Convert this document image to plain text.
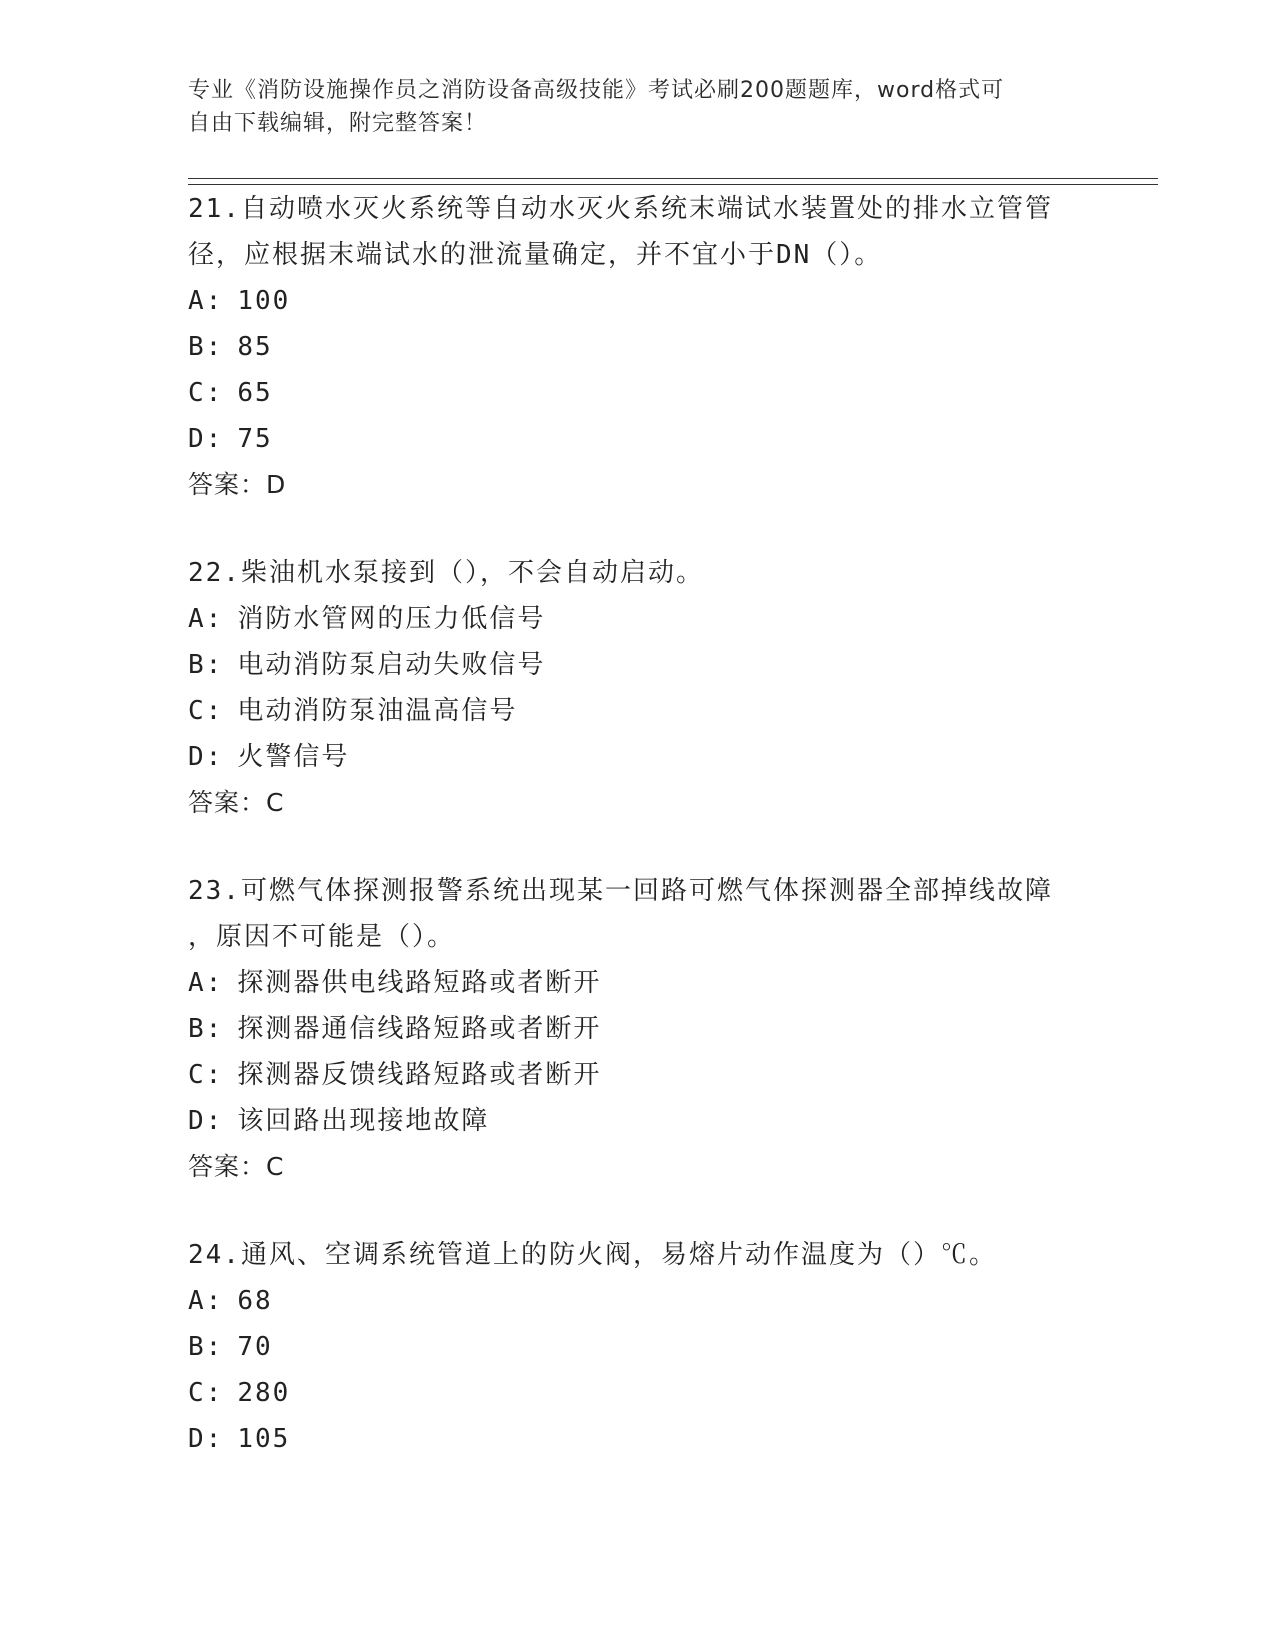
专业《消防设施操作员之消防设备高级技能》考试必刷200题题库，word格式可
自由下载编辑，附完整答案！
21.自动喷水灭火系统等自动水灭火系统末端试水装置处的排水立管管
径，应根据末端试水的泄流量确定，并不宜小于DN（）。
A: 100
B: 85
C: 65
D: 75
答案：D
22.柴油机水泵接到（），不会自动启动。
A: 消防水管网的压力低信号
B: 电动消防泵启动失败信号
C: 电动消防泵油温高信号
D: 火警信号
答案：C
23.可燃气体探测报警系统出现某一回路可燃气体探测器全部掉线故障
，原因不可能是（）。
A: 探测器供电线路短路或者断开
B: 探测器通信线路短路或者断开
C: 探测器反馈线路短路或者断开
D: 该回路出现接地故障
答案：C
24.通风、空调系统管道上的防火阀，易熔片动作温度为（）℃。
A: 68
B: 70
C: 280
D: 105
